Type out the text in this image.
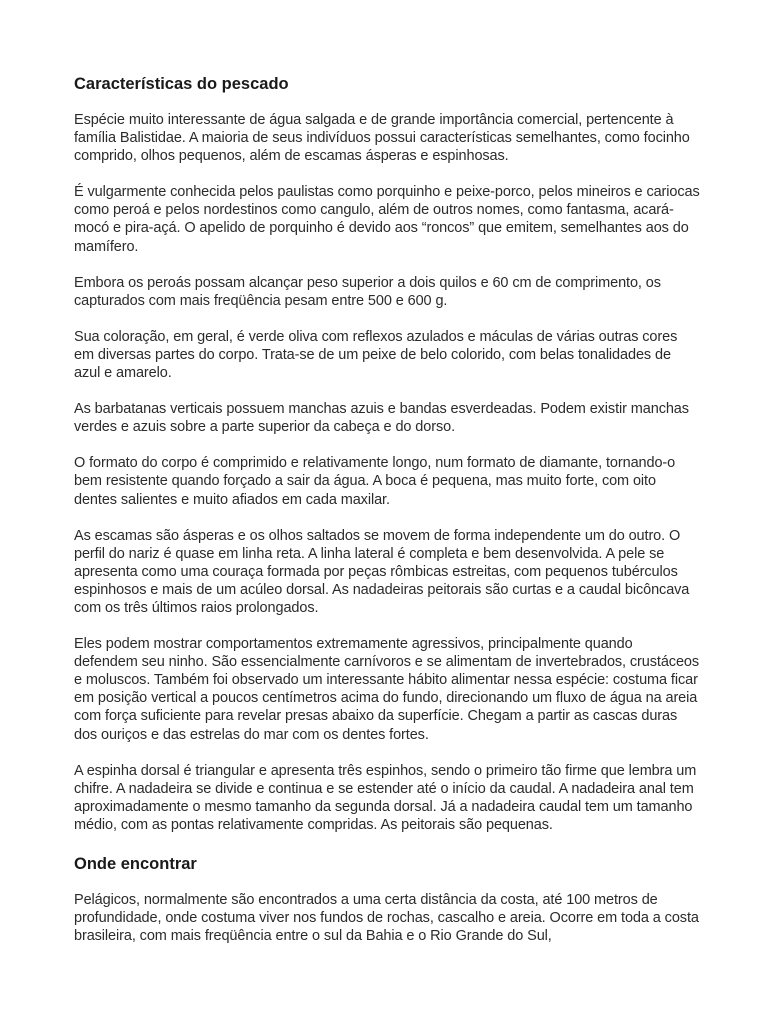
Características do pescado

Espécie muito interessante de água salgada e de grande importância comercial, pertencente à família Balistidae. A maioria de seus indivíduos possui características semelhantes, como focinho comprido, olhos pequenos, além de escamas ásperas e espinhosas.

É vulgarmente conhecida pelos paulistas como porquinho e peixe-porco, pelos mineiros e cariocas como peroá e pelos nordestinos como cangulo, além de outros nomes, como fantasma, acará-mocó e pira-açá. O apelido de porquinho é devido aos “roncos” que emitem, semelhantes aos do mamífero.

Embora os peroás possam alcançar peso superior a dois quilos e 60 cm de comprimento, os capturados com mais freqüência pesam entre 500 e 600 g.

Sua coloração, em geral, é verde oliva com reflexos azulados e máculas de várias outras cores em diversas partes do corpo. Trata-se de um peixe de belo colorido, com belas tonalidades de azul e amarelo.

As barbatanas verticais possuem manchas azuis e bandas esverdeadas. Podem existir manchas verdes e azuis sobre a parte superior da cabeça e do dorso.

O formato do corpo é comprimido e relativamente longo, num formato de diamante, tornando-o bem resistente quando forçado a sair da água. A boca é pequena, mas muito forte, com oito dentes salientes e muito afiados em cada maxilar.

As escamas são ásperas e os olhos saltados se movem de forma independente um do outro. O perfil do nariz é quase em linha reta. A linha lateral é completa e bem desenvolvida. A pele se apresenta como uma couraça formada por peças rômbicas estreitas, com pequenos tubérculos espinhosos e mais de um acúleo dorsal. As nadadeiras peitorais são curtas e a caudal bicôncava com os três últimos raios prolongados.

Eles podem mostrar comportamentos extremamente agressivos, principalmente quando defendem seu ninho. São essencialmente carnívoros e se alimentam de invertebrados, crustáceos e moluscos. Também foi observado um interessante hábito alimentar nessa espécie: costuma ficar em posição vertical a poucos centímetros acima do fundo, direcionando um fluxo de água na areia com força suficiente para revelar presas abaixo da superfície. Chegam a partir as cascas duras dos ouriços e das estrelas do mar com os dentes fortes.

A espinha dorsal é triangular e apresenta três espinhos, sendo o primeiro tão firme que lembra um chifre. A nadadeira se divide e continua e se estender até o início da caudal. A nadadeira anal tem aproximadamente o mesmo tamanho da segunda dorsal. Já a nadadeira caudal tem um tamanho médio, com as pontas relativamente compridas. As peitorais são pequenas.

Onde encontrar

Pelágicos, normalmente são encontrados a uma certa distância da costa, até 100 metros de profundidade, onde costuma viver nos fundos de rochas, cascalho e areia. Ocorre em toda a costa brasileira, com mais freqüência entre o sul da Bahia e o Rio Grande do Sul,
